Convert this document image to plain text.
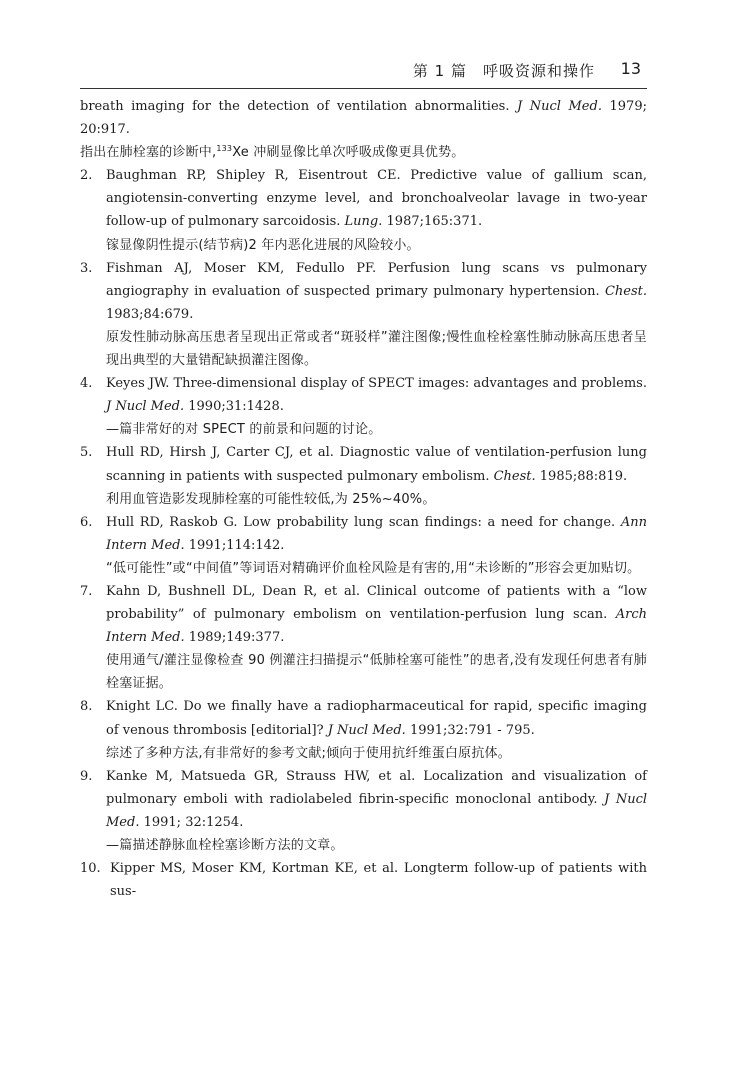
第 1 篇　呼吸资源和操作 13
breath imaging for the detection of ventilation abnormalities. J Nucl Med. 1979; 20:917.
指出在肺栓塞的诊断中,$^{133}$Xe 冲刷显像比单次呼吸成像更具优势。
2. Baughman RP, Shipley R, Eisentrout CE. Predictive value of gallium scan, angiotensin-converting enzyme level, and bronchoalveolar lavage in two-year follow-up of pulmonary sarcoidosis. Lung. 1987;165:371.
镓显像阴性提示(结节病)2 年内恶化进展的风险较小。
3. Fishman AJ, Moser KM, Fedullo PF. Perfusion lung scans vs pulmonary angiography in evaluation of suspected primary pulmonary hypertension. Chest. 1983;84:679.
原发性肺动脉高压患者呈现出正常或者“斑驳样”灌注图像;慢性血栓栓塞性肺动脉高压患者呈现出典型的大量错配缺损灌注图像。
4. Keyes JW. Three-dimensional display of SPECT images: advantages and problems. J Nucl Med. 1990;31:1428.
—篇非常好的对 SPECT 的前景和问题的讨论。
5. Hull RD, Hirsh J, Carter CJ, et al. Diagnostic value of ventilation-perfusion lung scanning in patients with suspected pulmonary embolism. Chest. 1985;88:819.
利用血管造影发现肺栓塞的可能性较低,为 25%~40%。
6. Hull RD, Raskob G. Low probability lung scan findings: a need for change. Ann Intern Med. 1991;114:142.
“低可能性”或“中间值”等词语对精确评价血栓风险是有害的,用“未诊断的”形容会更加贴切。
7. Kahn D, Bushnell DL, Dean R, et al. Clinical outcome of patients with a “low probability” of pulmonary embolism on ventilation-perfusion lung scan. Arch Intern Med. 1989;149:377.
使用通气/灌注显像检查 90 例灌注扫描提示“低肺栓塞可能性”的患者,没有发现任何患者有肺栓塞证据。
8. Knight LC. Do we finally have a radiopharmaceutical for rapid, specific imaging of venous thrombosis [editorial]? J Nucl Med. 1991;32:791 - 795.
综述了多种方法,有非常好的参考文献;倾向于使用抗纤维蛋白原抗体。
9. Kanke M, Matsueda GR, Strauss HW, et al. Localization and visualization of pulmonary emboli with radiolabeled fibrin-specific monoclonal antibody. J Nucl Med. 1991; 32:1254.
—篇描述静脉血栓栓塞诊断方法的文章。
10. Kipper MS, Moser KM, Kortman KE, et al. Longterm follow-up of patients with sus-
